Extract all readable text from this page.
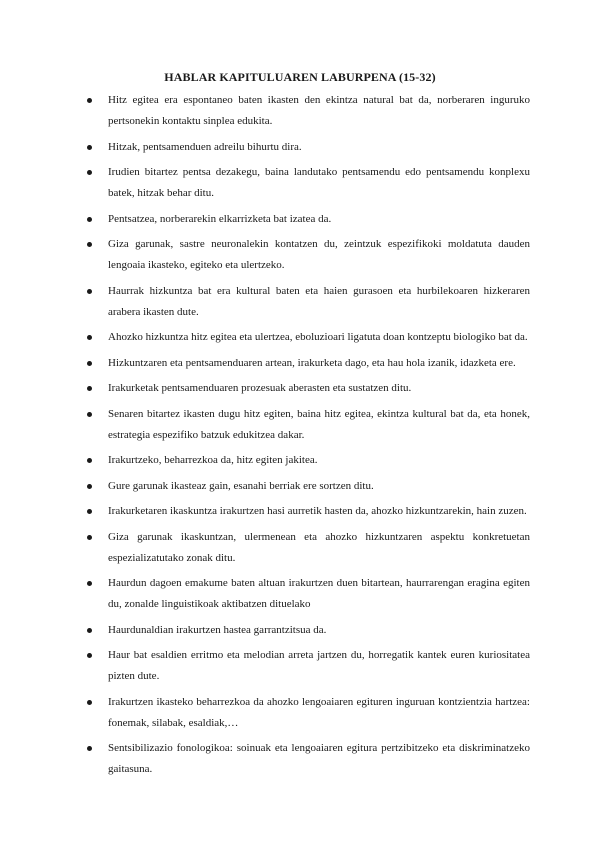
HABLAR KAPITULUAREN LABURPENA (15-32)
Hitz egitea era espontaneo baten ikasten den ekintza natural bat da, norberaren inguruko pertsonekin kontaktu sinplea edukita.
Hitzak, pentsamenduen adreilu bihurtu dira.
Irudien bitartez pentsa dezakegu, baina landutako pentsamendu edo pentsamendu konplexu batek, hitzak behar ditu.
Pentsatzea, norberarekin elkarrizketa bat izatea da.
Giza garunak, sastre neuronalekin kontatzen du, zeintzuk espezifikoki moldatuta dauden lengoaia ikasteko, egiteko eta ulertzeko.
Haurrak hizkuntza bat era kultural baten eta haien gurasoen eta hurbilekoaren hizkeraren arabera ikasten dute.
Ahozko hizkuntza hitz egitea eta ulertzea, eboluzioari ligatuta doan kontzeptu biologiko bat da.
Hizkuntzaren eta pentsamenduaren artean, irakurketa dago, eta hau hola izanik, idazketa ere.
Irakurketak pentsamenduaren prozesuak aberasten eta sustatzen ditu.
Senaren bitartez ikasten dugu hitz egiten, baina hitz egitea, ekintza kultural bat da, eta honek, estrategia espezifiko batzuk edukitzea dakar.
Irakurtzeko, beharrezkoa da, hitz egiten jakitea.
Gure garunak ikasteaz gain, esanahi berriak ere sortzen ditu.
Irakurketaren ikaskuntza irakurtzen hasi aurretik hasten da, ahozko hizkuntzarekin, hain zuzen.
Giza garunak ikaskuntzan, ulermenean eta ahozko hizkuntzaren aspektu konkretuetan espezializatutako zonak ditu.
Haurdun dagoen emakume baten altuan irakurtzen duen bitartean, haurrarengan eragina egiten du, zonalde linguistikoak aktibatzen dituelako
Haurdunaldian irakurtzen hastea garrantzitsua da.
Haur bat esaldien erritmo eta melodian arreta jartzen du, horregatik kantek euren kuriositatea pizten dute.
Irakurtzen ikasteko beharrezkoa da ahozko lengoaiaren egituren inguruan kontzientzia hartzea: fonemak, silabak, esaldiak,…
Sentsibilizazio fonologikoa: soinuak eta lengoaiaren egitura pertzibitzeko eta diskriminatzeko gaitasuna.
